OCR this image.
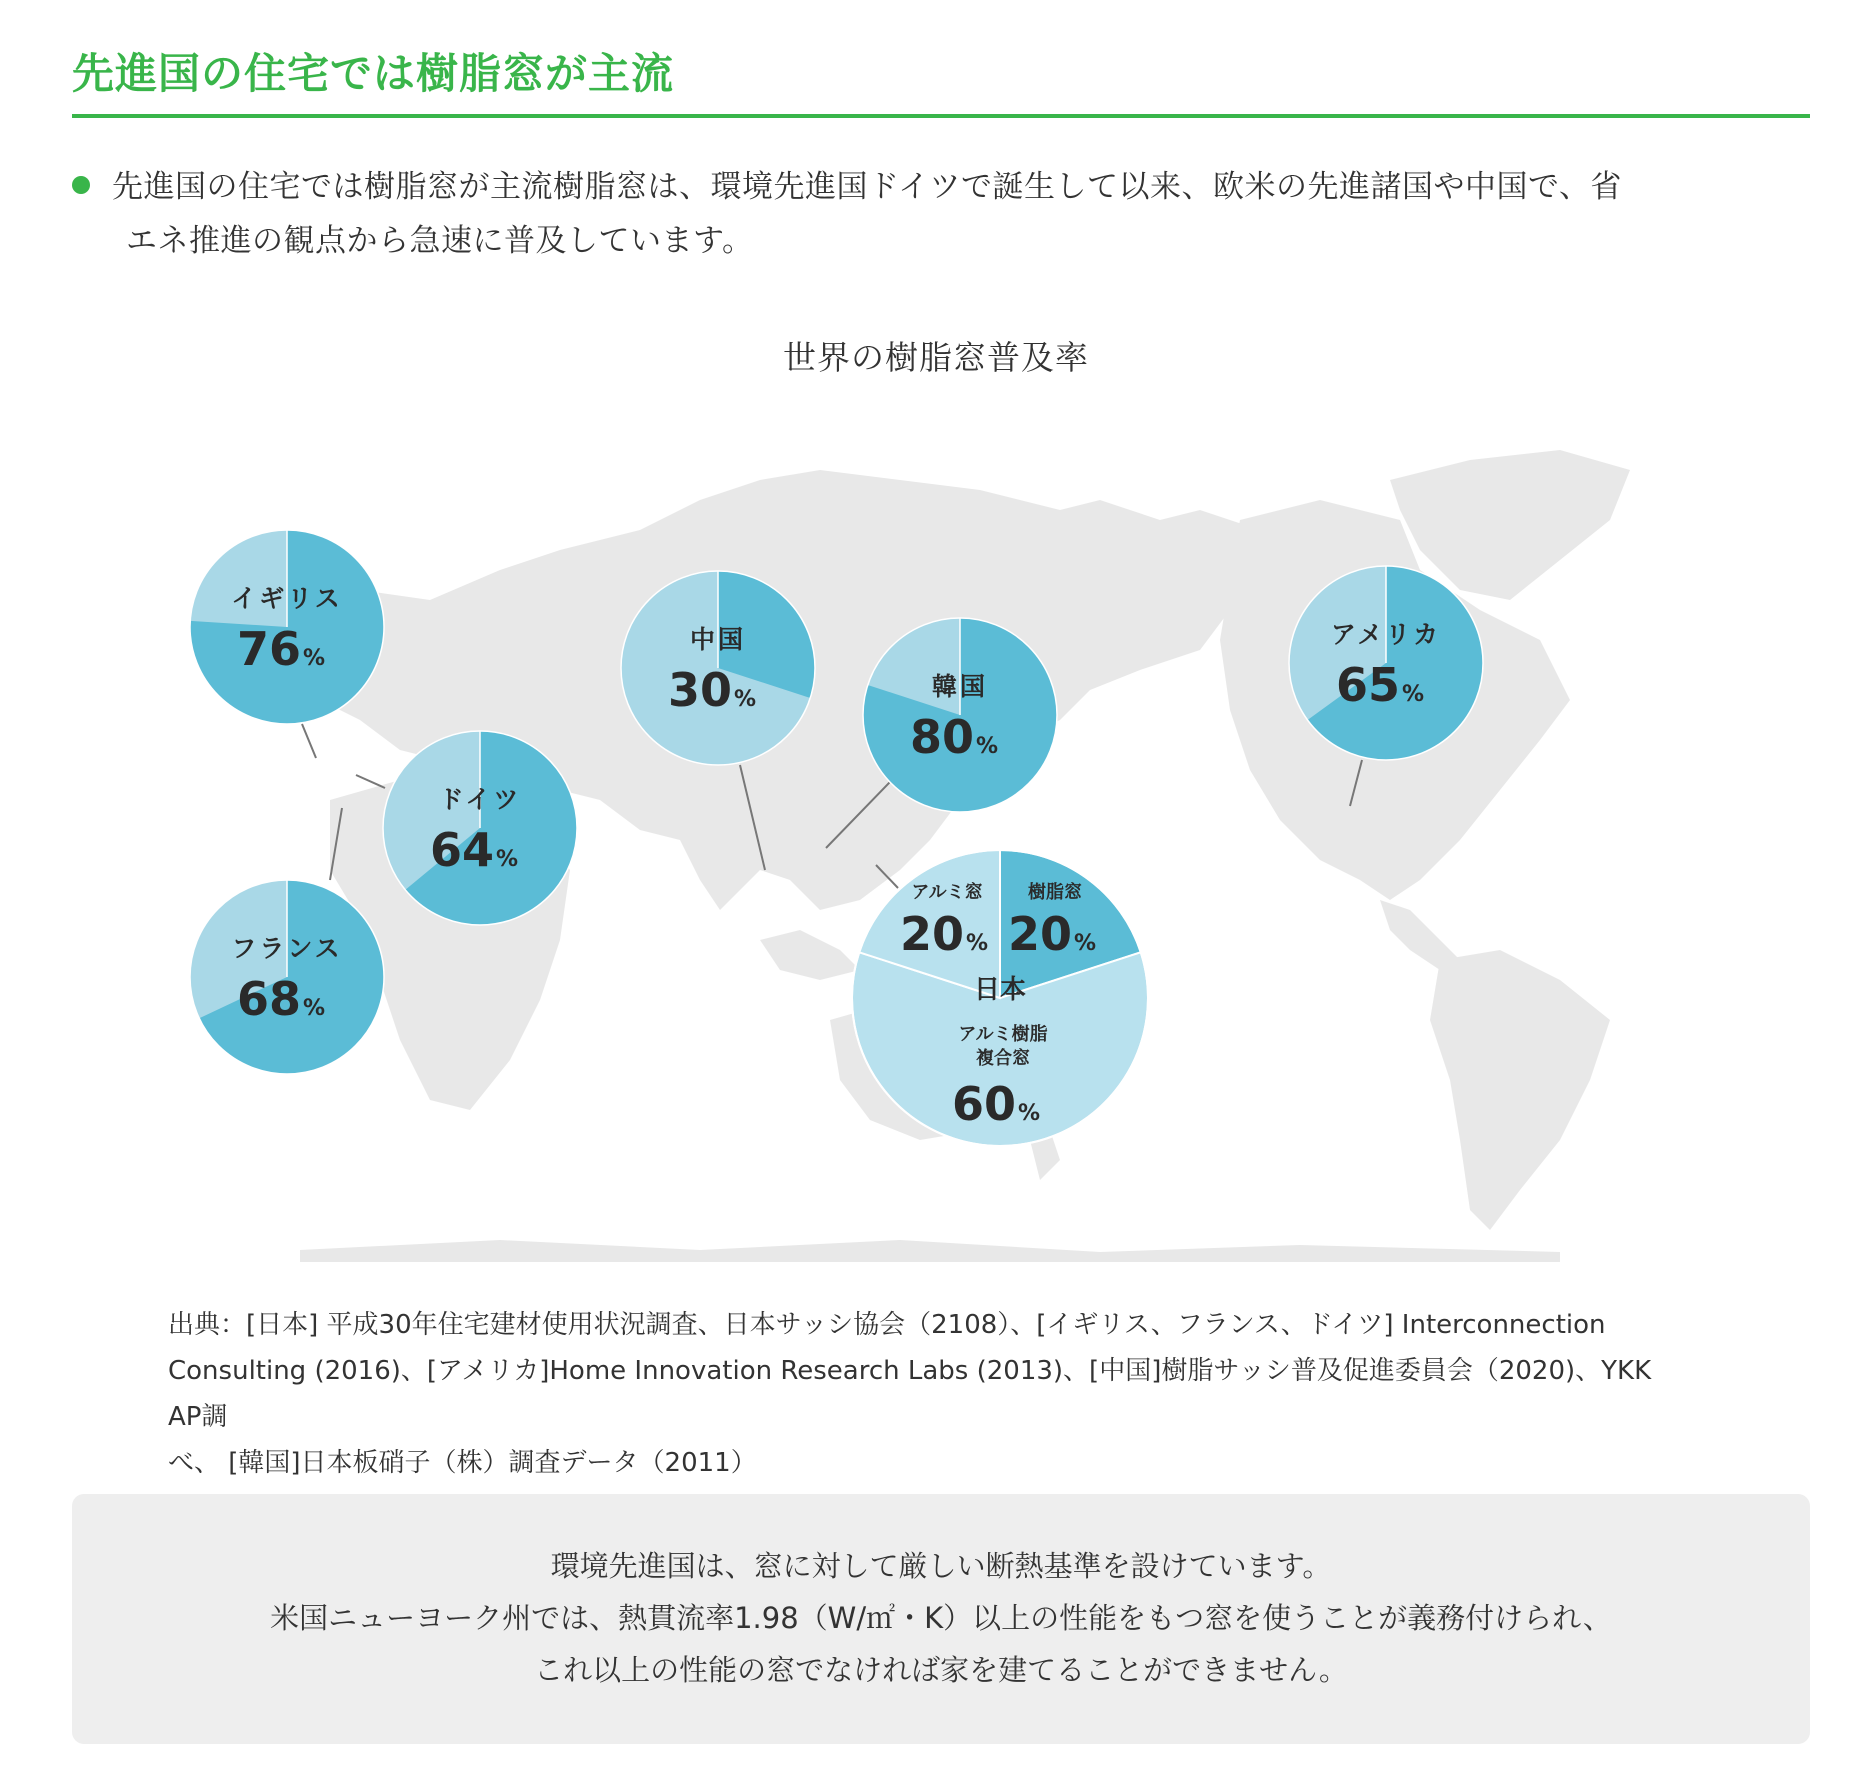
先進国の住宅では樹脂窓が主流
先進国の住宅では樹脂窓が主流樹脂窓は、環境先進国ドイツで誕生して以来、欧米の先進諸国や中国で、省
エネ推進の観点から急速に普及しています。
世界の樹脂窓普及率
イギリス
76%
ドイツ
64%
フランス
68%
中国
30%	韓国
80%
アメリカ
65%
樹脂窓
20%
アルミ窓
20%
日本
アルミ樹脂
複合窓
60%
出典：[日本] 平成30年住宅建材使用状況調査、日本サッシ協会（2108）、[イギリス、フランス、ドイツ] Interconnection
Consulting (2016)、[アメリカ]Home Innovation Research Labs (2013)、[中国]樹脂サッシ普及促進委員会（2020)、YKK AP調
べ、 [韓国]日本板硝子（株）調査データ（2011）
環境先進国は、窓に対して厳しい断熱基準を設けています。
米国ニューヨーク州では、熱貫流率1.98（W/㎡・K）以上の性能をもつ窓を使うことが義務付けられ、
これ以上の性能の窓でなければ家を建てることができません。
